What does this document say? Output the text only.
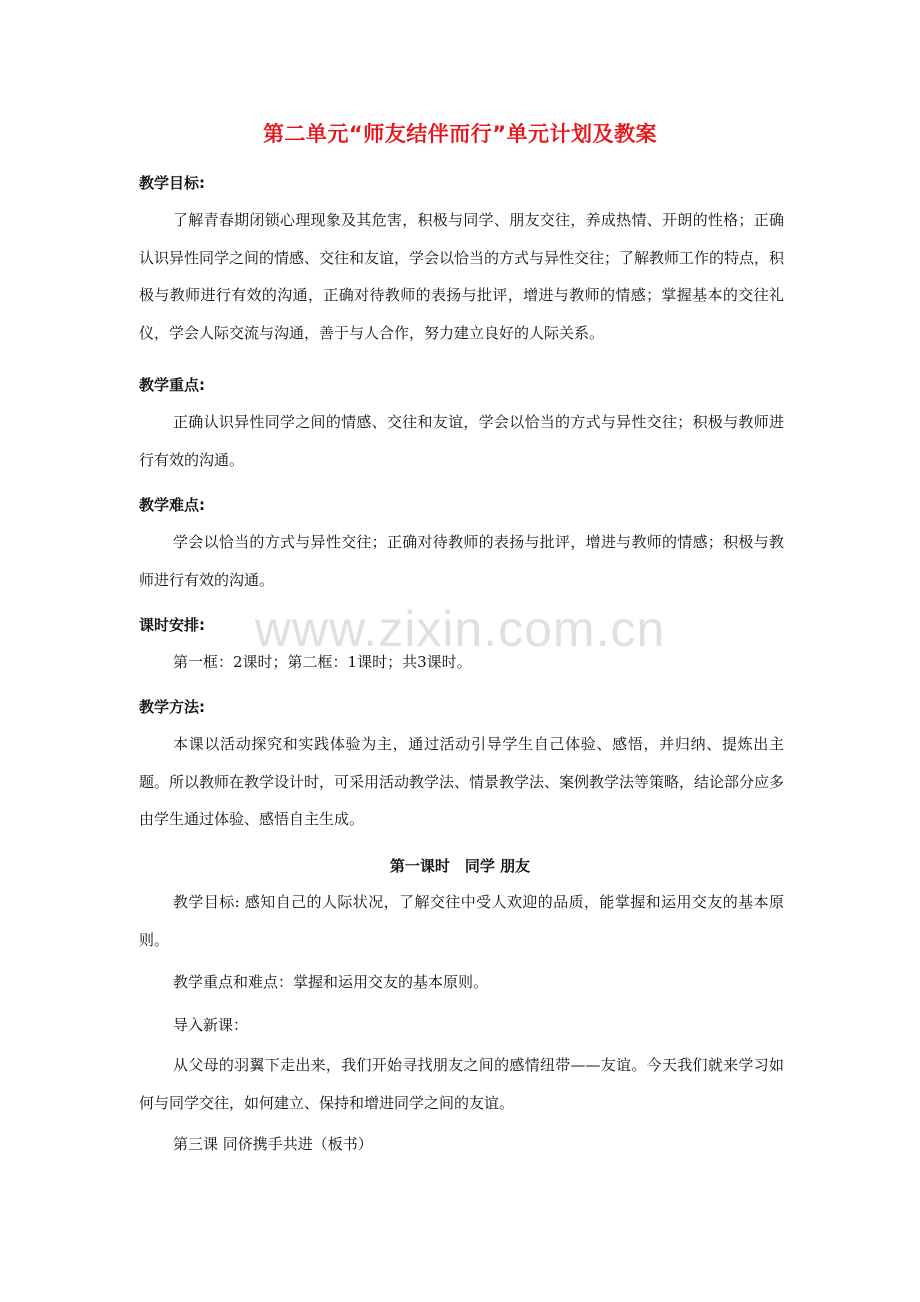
第二单元“师友结伴而行”单元计划及教案
教学目标:
了解青春期闭锁心理现象及其危害，积极与同学、朋友交往，养成热情、开朗的性格；正确认识异性同学之间的情感、交往和友谊，学会以恰当的方式与异性交往；了解教师工作的特点，积极与教师进行有效的沟通，正确对待教师的表扬与批评，增进与教师的情感；掌握基本的交往礼仪，学会人际交流与沟通，善于与人合作，努力建立良好的人际关系。
教学重点:
正确认识异性同学之间的情感、交往和友谊，学会以恰当的方式与异性交往；积极与教师进行有效的沟通。
教学难点:
学会以恰当的方式与异性交往；正确对待教师的表扬与批评，增进与教师的情感；积极与教师进行有效的沟通。
课时安排:
第一框：2课时；第二框：1课时；共3课时。
教学方法:
本课以活动探究和实践体验为主，通过活动引导学生自己体验、感悟，并归纳、提炼出主题。所以教师在教学设计时，可采用活动教学法、情景教学法、案例教学法等策略，结论部分应多由学生通过体验、感悟自主生成。
第一课时　同学 朋友
教学目标: 感知自己的人际状况，了解交往中受人欢迎的品质，能掌握和运用交友的基本原则。
教学重点和难点：掌握和运用交友的基本原则。
导入新课：
从父母的羽翼下走出来，我们开始寻找朋友之间的感情纽带——友谊。今天我们就来学习如何与同学交往，如何建立、保持和增进同学之间的友谊。
第三课 同侪携手共进（板书）
www.zixin.com.cn
